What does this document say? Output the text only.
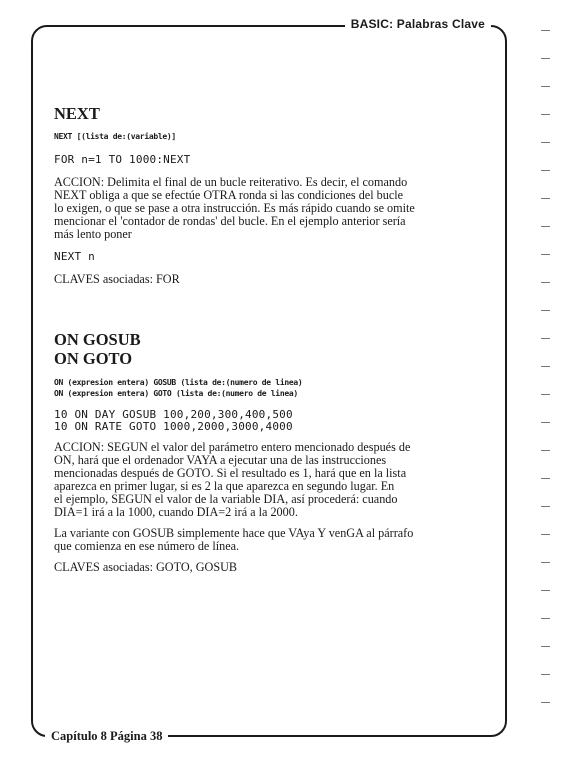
BASIC: Palabras Clave
Capítulo 8 Página 38
NEXT
NEXT [(lista de:(variable)]
FOR n=1 TO 1000:NEXT
ACCION: Delimita el final de un bucle reiterativo. Es decir, el comando
NEXT obliga a que se efectúe OTRA ronda si las condiciones del bucle
lo exigen, o que se pase a otra instrucción. Es más rápido cuando se omite
mencionar el 'contador de rondas' del bucle. En el ejemplo anterior sería
más lento poner
NEXT n
CLAVES asociadas: FOR
ON GOSUB
ON GOTO
ON (expresion entera) GOSUB (lista de:(numero de linea)
ON (expresion entera) GOTO (lista de:(numero de linea)
10 ON DAY GOSUB 100,200,300,400,500
10 ON RATE GOTO 1000,2000,3000,4000
ACCION: SEGUN el valor del parámetro entero mencionado después de
ON, hará que el ordenador VAYA a ejecutar una de las instrucciones
mencionadas después de GOTO. Si el resultado es 1, hará que en la lista
aparezca en primer lugar, si es 2 la que aparezca en segundo lugar. En
el ejemplo, SEGUN el valor de la variable DIA, así procederá: cuando
DIA=1 irá a la 1000, cuando DIA=2 irá a la 2000.
La variante con GOSUB simplemente hace que VAya Y venGA al párrafo
que comienza en ese número de línea.
CLAVES asociadas: GOTO, GOSUB
